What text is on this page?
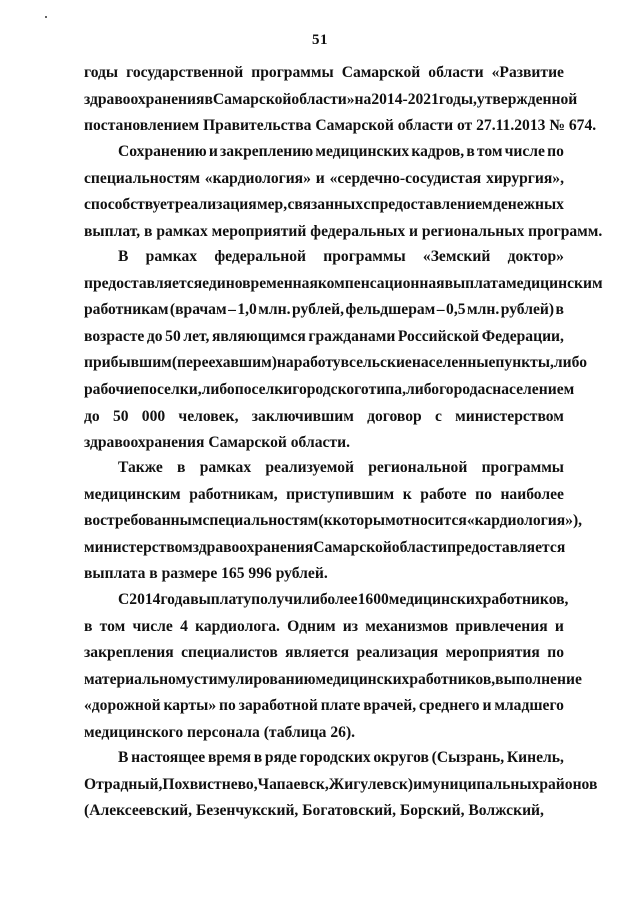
51
годы государственной программы Самарской области «Развитие
здравоохранения в Самарской области» на 2014-2021 годы, утвержденной
постановлением Правительства Самарской области от 27.11.2013 № 674.
Сохранению и закреплению медицинских кадров, в том числе по
специальностям «кардиология» и «сердечно-сосудистая хирургия»,
способствует реализация мер, связанных с предоставлением денежных
выплат, в рамках мероприятий федеральных и региональных программ.
В рамках федеральной программы «Земский доктор»
предоставляется единовременная компенсационная выплата медицинским
работникам (врачам – 1,0 млн. рублей, фельдшерам – 0,5 млн. рублей) в
возрасте до 50 лет, являющимся гражданами Российской Федерации,
прибывшим (переехавшим) на работу в сельские населенные пункты, либо
рабочие поселки, либо поселки городского типа, либо города с населением
до 50 000 человек, заключившим договор с министерством
здравоохранения Самарской области.
Также в рамках реализуемой региональной программы
медицинским работникам, приступившим к работе по наиболее
востребованным специальностям (к которым относится «кардиология»),
министерством здравоохранения Самарской области предоставляется
выплата в размере 165 996 рублей.
С 2014 года выплату получили более 1 600 медицинских работников,
в том числе 4 кардиолога. Одним из механизмов привлечения и
закрепления специалистов является реализация мероприятия по
материальному стимулированию медицинских работников, выполнение
«дорожной карты» по заработной плате врачей, среднего и младшего
медицинского персонала (таблица 26).
В настоящее время в ряде городских округов (Сызрань, Кинель,
Отрадный, Похвистнево, Чапаевск, Жигулевск) и муниципальных районов
(Алексеевский, Безенчукский, Богатовский, Борский, Волжский,
